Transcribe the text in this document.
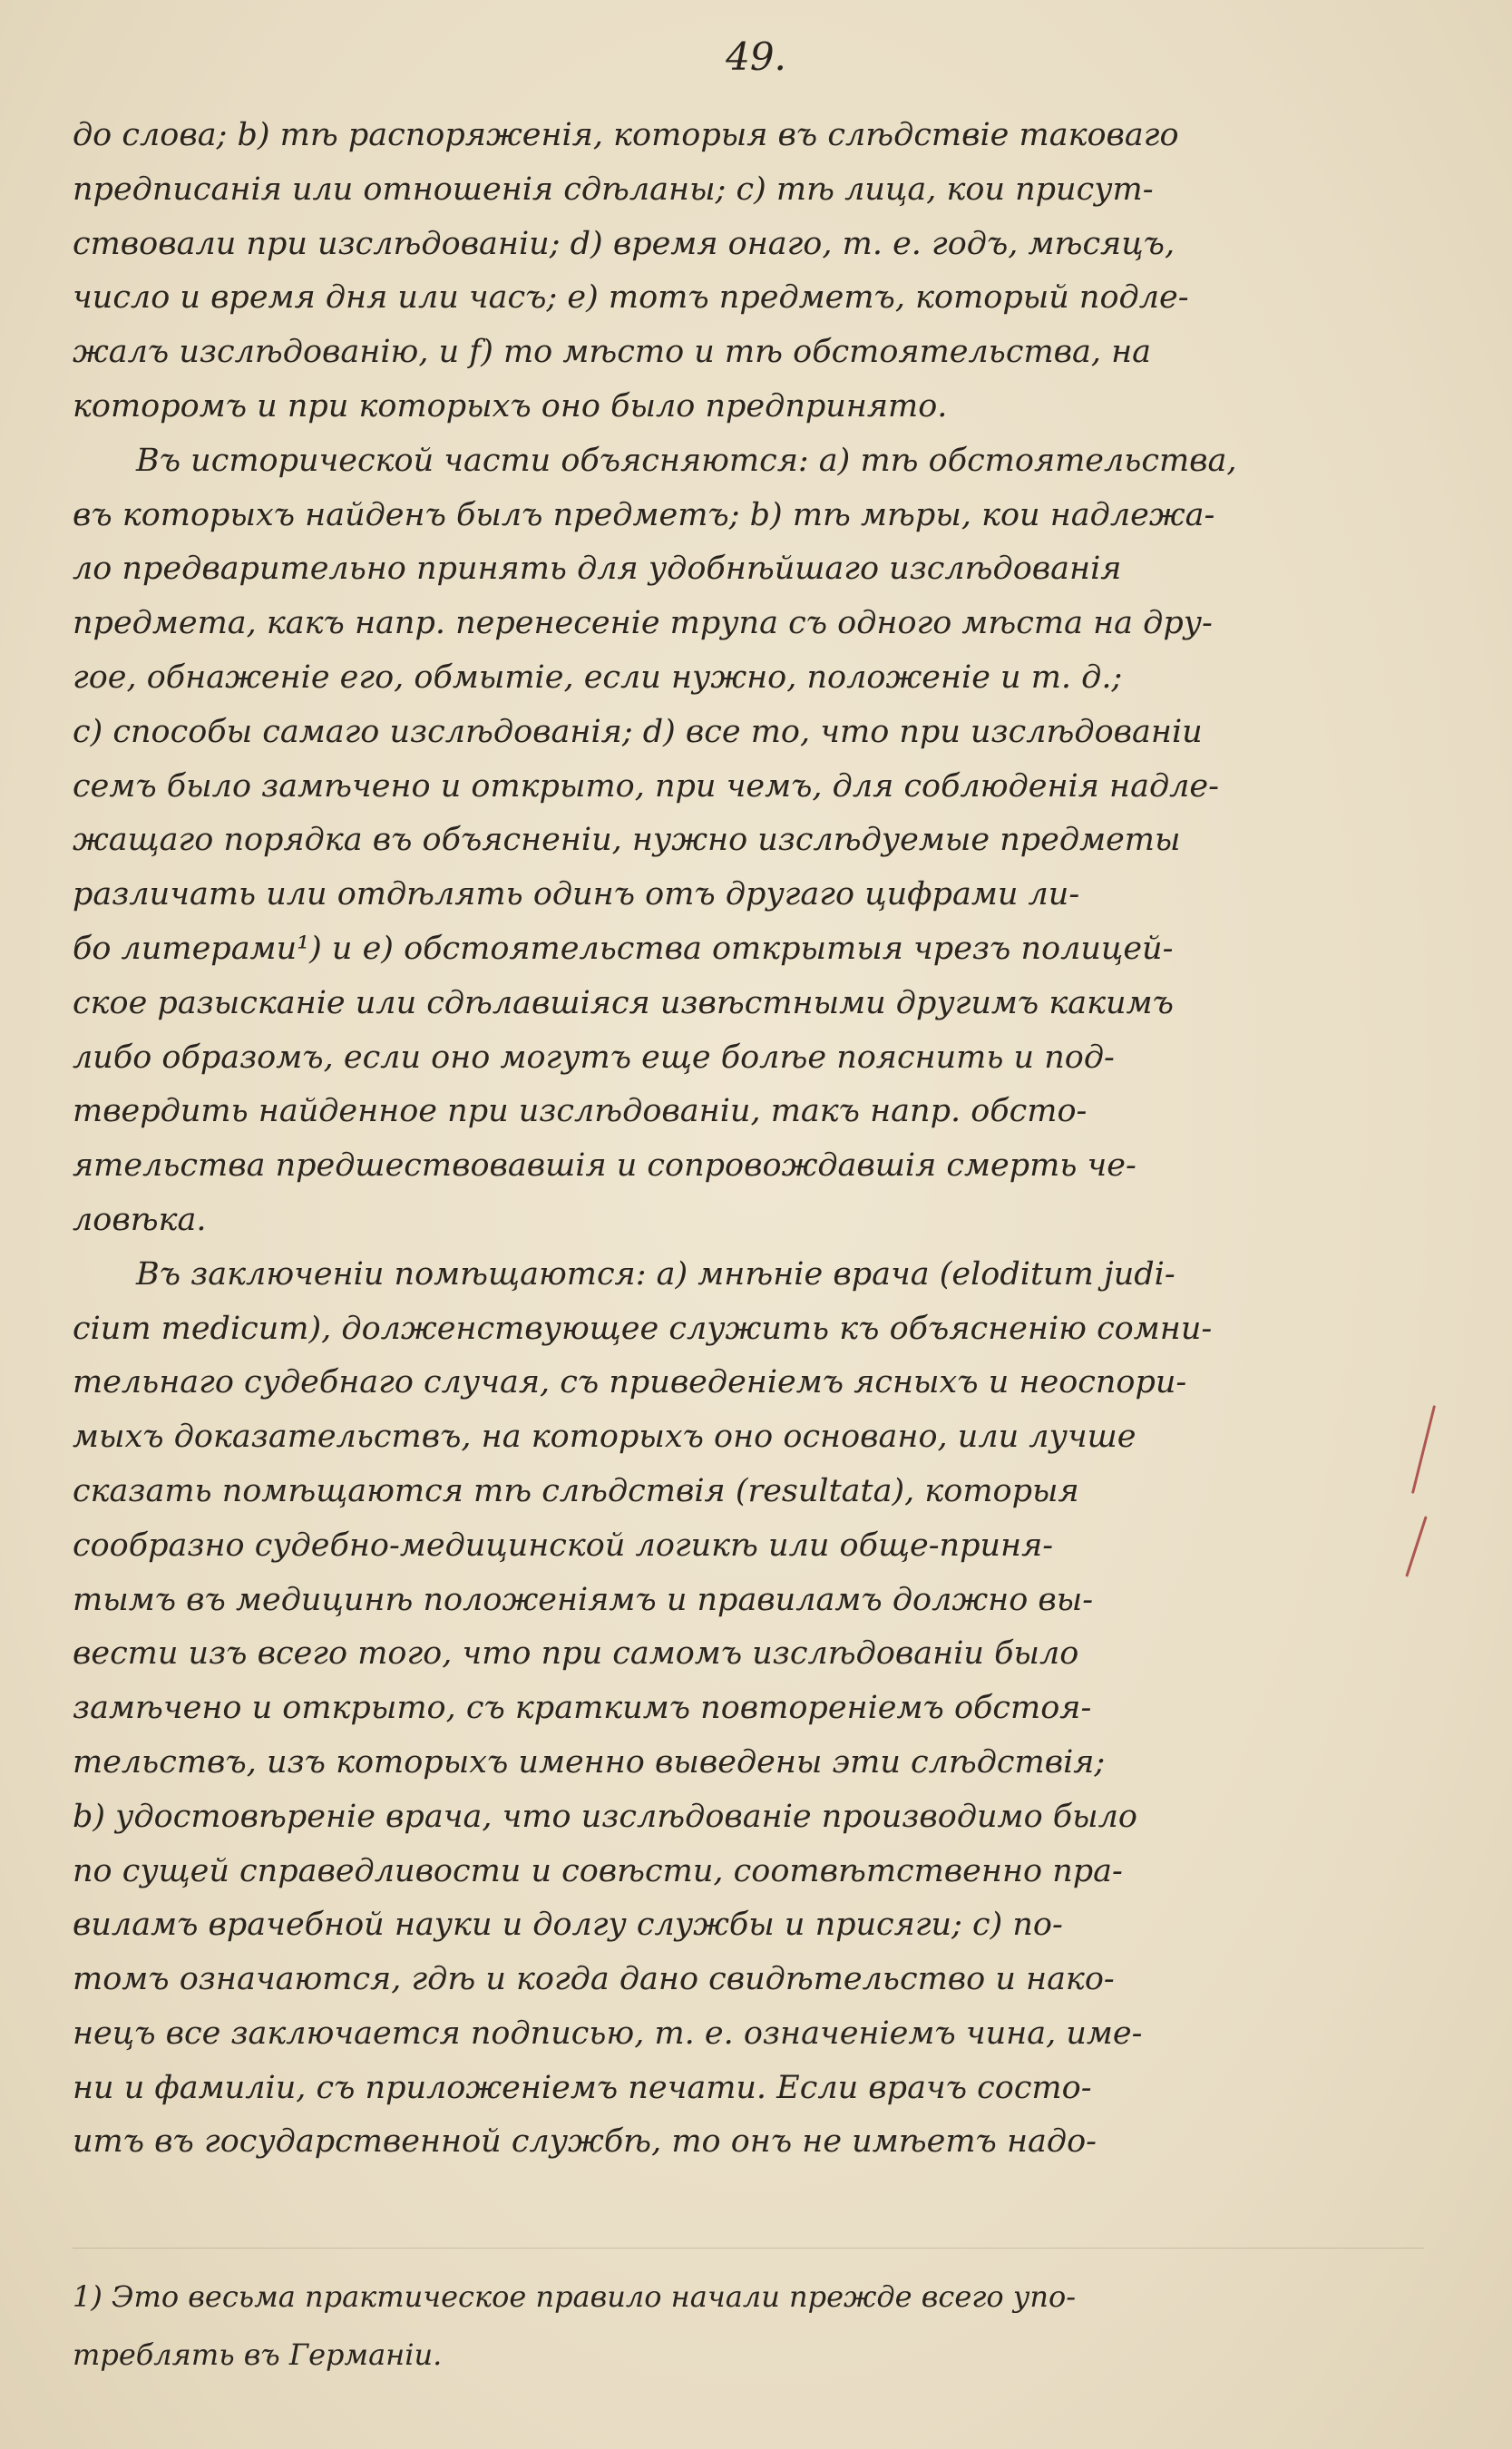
49.
до слова; b) тѣ распоряженія, которыя въ слѣдствіе таковаго
предписанія или отношенія сдѣланы; c) тѣ лица, кои присут-
ствовали при изслѣдованіи; d) время онаго, т. е. годъ, мѣсяцъ,
число и время дня или часъ; e) тотъ предметъ, который подле-
жалъ изслѣдованію, и f) то мѣсто и тѣ обстоятельства, на
которомъ и при которыхъ оно было предпринято.
Въ исторической части объясняются: a) тѣ обстоятельства,
въ которыхъ найденъ былъ предметъ; b) тѣ мѣры, кои надлежа-
ло предварительно принять для удобнѣйшаго изслѣдованія
предмета, какъ напр. перенесеніе трупа съ одного мѣста на дру-
гое, обнаженіе его, обмытіе, если нужно, положеніе и т. д.;
c) способы самаго изслѣдованія; d) все то, что при изслѣдованіи
семъ было замѣчено и открыто, при чемъ, для соблюденія надле-
жащаго порядка въ объясненіи, нужно изслѣдуемые предметы
различать или отдѣлять одинъ отъ другаго цифрами ли-
бо литерами¹) и e) обстоятельства открытыя чрезъ полицей-
ское разысканіе или сдѣлавшіяся извѣстными другимъ какимъ
либо образомъ, если оно могутъ еще болѣе пояснить и под-
твердить найденное при изслѣдованіи, такъ напр. обсто-
ятельства предшествовавшія и сопровождавшія смерть че-
ловѣка.
Въ заключеніи помѣщаются: a) мнѣніе врача (eloditum judi-
cium medicum), долженствующее служить къ объясненію сомни-
тельнаго судебнаго случая, съ приведеніемъ ясныхъ и неоспори-
мыхъ доказательствъ, на которыхъ оно основано, или лучше
сказать помѣщаются тѣ слѣдствія (resultata), которыя
сообразно судебно-медицинской логикѣ или обще-приня-
тымъ въ медицинѣ положеніямъ и правиламъ должно вы-
вести изъ всего того, что при самомъ изслѣдованіи было
замѣчено и открыто, съ краткимъ повтореніемъ обстоя-
тельствъ, изъ которыхъ именно выведены эти слѣдствія;
b) удостовѣреніе врача, что изслѣдованіе производимо было
по сущей справедливости и совѣсти, соотвѣтственно пра-
виламъ врачебной науки и долгу службы и присяги; c) по-
томъ означаются, гдѣ и когда дано свидѣтельство и нако-
нецъ все заключается подписью, т. е. означеніемъ чина, име-
ни и фамиліи, съ приложеніемъ печати. Если врачъ состо-
итъ въ государственной службѣ, то онъ не имѣетъ надо-
1) Это весьма практическое правило начали прежде всего упо-
треблять въ Германіи.
